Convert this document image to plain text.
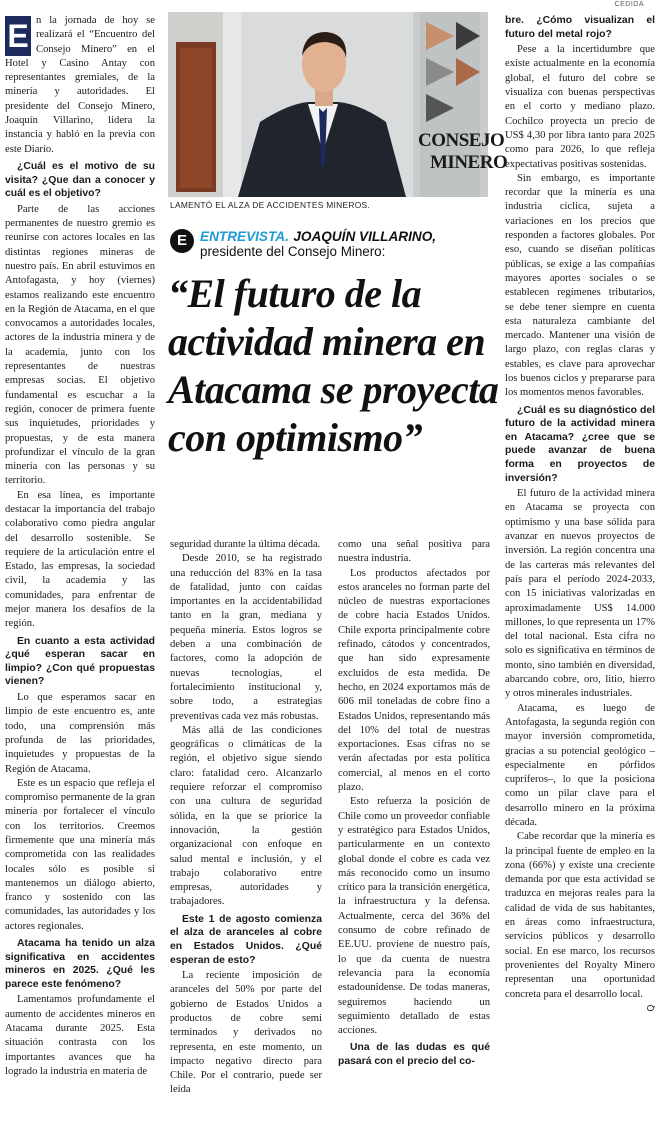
CEDIDA
CONSEJO
MINERO
LAMENTÓ EL ALZA DE ACCIDENTES MINEROS.
E ENTREVISTA. JOAQUÍN VILLARINO,
presidente del Consejo Minero:
“El futuro de la actividad minera en Atacama se proyecta con optimismo”
E n la jornada de hoy se realizará el “Encuentro del Consejo Minero” en el Hotel y Casino Antay con representantes gremiales, de la minería y autoridades. El presidente del Consejo Minero, Joaquín Villarino, lidera la instancia y habló en la previa con este Diario.

¿Cuál es el motivo de su visita? ¿Que dan a conocer y cuál es el objetivo?

Parte de las acciones permanentes de nuestro gremio es reunirse con actores locales en las distintas regiones mineras de nuestro país. En abril estuvimos en Antofagasta, y hoy (viernes) estamos realizando este encuentro en la Región de Atacama, en el que convocamos a autoridades locales, actores de la industria minera y de la academia, junto con los representantes de nuestras empresas socias. El objetivo fundamental es escuchar a la región, conocer de primera fuente sus inquietudes, prioridades y propuestas, y de esta manera profundizar el vínculo de la gran minería con las personas y su territorio.

En esa línea, es importante destacar la importancia del trabajo colaborativo como piedra angular del desarrollo sostenible. Se requiere de la articulación entre el Estado, las empresas, la sociedad civil, la academia y las comunidades, para enfrentar de mejor manera los desafíos de la región.

En cuanto a esta actividad ¿qué esperan sacar en limpio? ¿Con qué propuestas vienen?

Lo que esperamos sacar en limpio de este encuentro es, ante todo, una comprensión más profunda de las prioridades, inquietudes y propuestas de la Región de Atacama.

Este es un espacio que refleja el compromiso permanente de la gran minería por fortalecer el vínculo con los territorios. Creemos firmemente que una minería más comprometida con las realidades locales sólo es posible si mantenemos un diálogo abierto, franco y sostenido con las comunidades, las autoridades y los actores regionales.

Atacama ha tenido un alza significativa en accidentes mineros en 2025. ¿Qué les parece este fenómeno?

Lamentamos profundamente el aumento de accidentes mineros en Atacama durante 2025. Esta situación contrasta con los importantes avances que ha logrado la industria en materia de

seguridad durante la última década.

Desde 2010, se ha registrado una reducción del 83% en la tasa de fatalidad, junto con caídas importantes en la accidentabilidad tanto en la gran, mediana y pequeña minería. Estos logros se deben a una combinación de factores, como la adopción de nuevas tecnologías, el fortalecimiento institucional y, sobre todo, a estrategias preventivas cada vez más robustas.

Más allá de las condiciones geográficas o climáticas de la región, el objetivo sigue siendo claro: fatalidad cero. Alcanzarlo requiere reforzar el compromiso con una cultura de seguridad sólida, en la que se priorice la innovación, la gestión organizacional con enfoque en salud mental e inclusión, y el trabajo colaborativo entre empresas, autoridades y trabajadores.

Este 1 de agosto comienza el alza de aranceles al cobre en Estados Unidos. ¿Qué esperan de esto?

La reciente imposición de aranceles del 50% por parte del gobierno de Estados Unidos a productos de cobre semi terminados y derivados no representa, en este momento, un impacto negativo directo para Chile. Por el contrario, puede ser leída

como una señal positiva para nuestra industria.

Los productos afectados por estos aranceles no forman parte del núcleo de nuestras exportaciones de cobre hacia Estados Unidos. Chile exporta principalmente cobre refinado, cátodos y concentrados, que han sido expresamente excluidos de esta medida. De hecho, en 2024 exportamos más de 606 mil toneladas de cobre fino a Estados Unidos, representando más del 10% del total de nuestras exportaciones. Esas cifras no se verán afectadas por esta política comercial, al menos en el corto plazo.

Esto refuerza la posición de Chile como un proveedor confiable y estratégico para Estados Unidos, particularmente en un contexto global donde el cobre es cada vez más reconocido como un insumo crítico para la transición energética, la infraestructura y la defensa. Actualmente, cerca del 36% del consumo de cobre refinado de EE.UU. proviene de nuestro país, lo que da cuenta de nuestra relevancia para la economía estadounidense. De todas maneras, seguiremos haciendo un seguimiento detallado de estas acciones.

Una de las dudas es qué pasará con el precio del co-

bre. ¿Cómo visualizan el futuro del metal rojo?

Pese a la incertidumbre que existe actualmente en la economía global, el futuro del cobre se visualiza con buenas perspectivas en el corto y mediano plazo. Cochilco proyecta un precio de US$ 4,30 por libra tanto para 2025 como para 2026, lo que refleja expectativas positivas sostenidas.

Sin embargo, es importante recordar que la minería es una industria cíclica, sujeta a variaciones en los precios que responden a factores globales. Por eso, cuando se diseñan políticas públicas, se exige a las compañías mayores aportes sociales o se establecen regímenes tributarios, se debe tener siempre en cuenta esta naturaleza cambiante del mercado. Mantener una visión de largo plazo, con reglas claras y estables, es clave para aprovechar los buenos ciclos y prepararse para los momentos menos favorables.

¿Cuál es su diagnóstico del futuro de la actividad minera en Atacama? ¿cree que se puede avanzar de buena forma en proyectos de inversión?

El futuro de la actividad minera en Atacama se proyecta con optimismo y una base sólida para avanzar en nuevos proyectos de inversión. La región concentra una de las carteras más relevantes del país para el período 2024-2033, con 15 iniciativas valorizadas en aproximadamente US$ 14.000 millones, lo que representa un 17% del total nacional. Esta cifra no solo es significativa en términos de monto, sino también en diversidad, abarcando cobre, oro, litio, hierro y otros minerales industriales.

Atacama, es luego de Antofagasta, la segunda región con mayor inversión comprometida, gracias a su potencial geológico –especialmente en pórfidos cupríferos–, lo que la posiciona como un pilar clave para el desarrollo minero en la próxima década.

Cabe recordar que la minería es la principal fuente de empleo en la zona (66%) y existe una creciente demanda por que esta actividad se traduzca en mejoras reales para la calidad de vida de sus habitantes, en áreas como infraestructura, servicios públicos y desarrollo social. En ese marco, los recursos provenientes del Royalty Minero representan una oportunidad concreta para el desarrollo local.

℺
